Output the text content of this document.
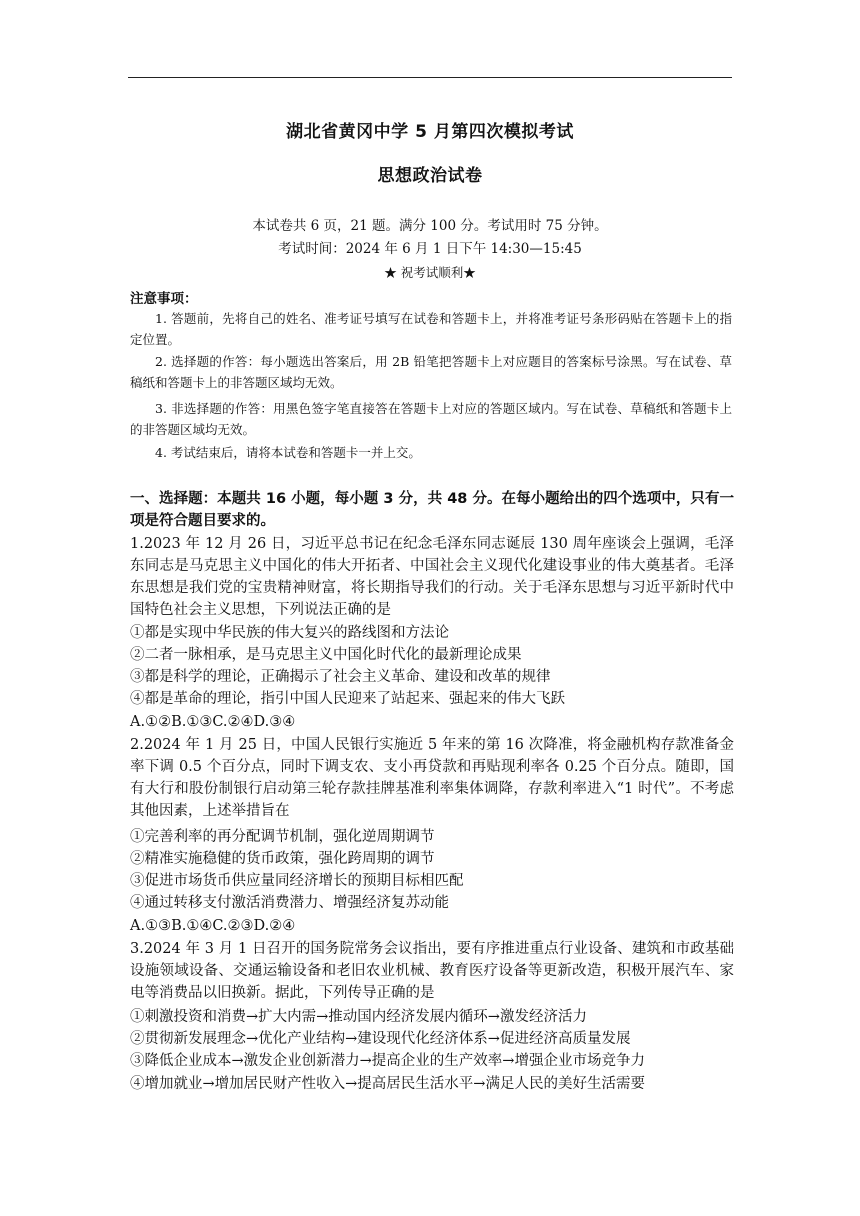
湖北省黄冈中学 5 月第四次模拟考试
思想政治试卷
本试卷共 6 页，21 题。满分 100 分。考试用时 75 分钟。
考试时间：2024 年 6 月 1 日下午 14:30—15:45
★ 祝考试顺利★
注意事项：
1. 答题前，先将自己的姓名、准考证号填写在试卷和答题卡上，并将准考证号条形码贴在答题卡上的指定位置。
2. 选择题的作答：每小题选出答案后，用 2B 铅笔把答题卡上对应题目的答案标号涂黑。写在试卷、草稿纸和答题卡上的非答题区域均无效。
3. 非选择题的作答：用黑色签字笔直接答在答题卡上对应的答题区域内。写在试卷、草稿纸和答题卡上的非答题区域均无效。
4. 考试结束后，请将本试卷和答题卡一并上交。
一、选择题：本题共 16 小题，每小题 3 分，共 48 分。在每小题给出的四个选项中，只有一项是符合题目要求的。
1.2023 年 12 月 26 日，习近平总书记在纪念毛泽东同志诞辰 130 周年座谈会上强调，毛泽东同志是马克思主义中国化的伟大开拓者、中国社会主义现代化建设事业的伟大奠基者。毛泽东思想是我们党的宝贵精神财富，将长期指导我们的行动。关于毛泽东思想与习近平新时代中国特色社会主义思想，下列说法正确的是
①都是实现中华民族的伟大复兴的路线图和方法论
②二者一脉相承，是马克思主义中国化时代化的最新理论成果
③都是科学的理论，正确揭示了社会主义革命、建设和改革的规律
④都是革命的理论，指引中国人民迎来了站起来、强起来的伟大飞跃
A.①②B.①③C.②④D.③④
2.2024 年 1 月 25 日，中国人民银行实施近 5 年来的第 16 次降准，将金融机构存款准备金率下调 0.5 个百分点，同时下调支农、支小再贷款和再贴现利率各 0.25 个百分点。随即，国有大行和股份制银行启动第三轮存款挂牌基准利率集体调降，存款利率进入“1 时代”。不考虑其他因素，上述举措旨在
①完善利率的再分配调节机制，强化逆周期调节
②精准实施稳健的货币政策，强化跨周期的调节
③促进市场货币供应量同经济增长的预期目标相匹配
④通过转移支付激活消费潜力、增强经济复苏动能
A.①③B.①④C.②③D.②④
3.2024 年 3 月 1 日召开的国务院常务会议指出，要有序推进重点行业设备、建筑和市政基础设施领域设备、交通运输设备和老旧农业机械、教育医疗设备等更新改造，积极开展汽车、家电等消费品以旧换新。据此，下列传导正确的是
①刺激投资和消费→扩大内需→推动国内经济发展内循环→激发经济活力
②贯彻新发展理念→优化产业结构→建设现代化经济体系→促进经济高质量发展
③降低企业成本→激发企业创新潜力→提高企业的生产效率→增强企业市场竞争力
④增加就业→增加居民财产性收入→提高居民生活水平→满足人民的美好生活需要
